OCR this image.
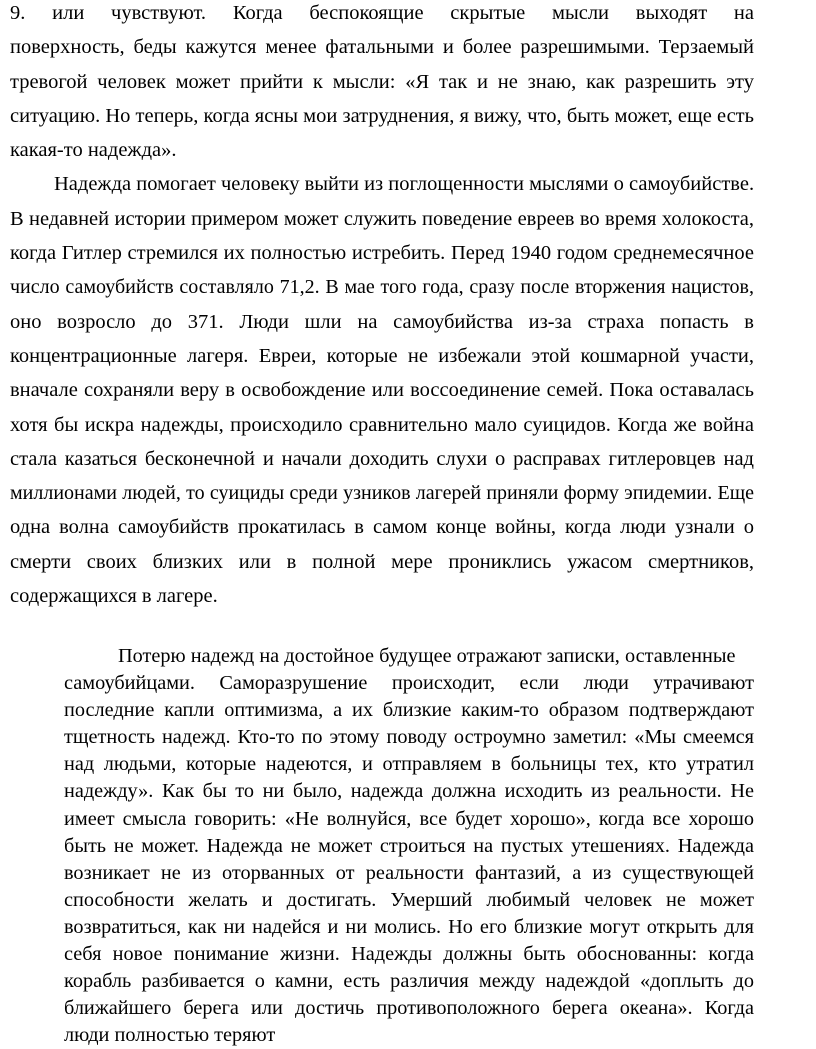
9. или чувствуют. Когда беспокоящие скрытые мысли выходят на
поверхность, беды кажутся менее фатальными и более разрешимыми. Терзаемый
тревогой человек может прийти к мысли: «Я так и не знаю, как разрешить эту
ситуацию. Но теперь, когда ясны мои затруднения, я вижу, что, быть может, еще есть
какая-то надежда».
Надежда помогает человеку выйти из поглощенности мыслями о самоубийстве.
В недавней истории примером может служить поведение евреев во время холокоста,
когда Гитлер стремился их полностью истребить. Перед 1940 годом среднемесячное
число самоубийств составляло 71,2. В мае того года, сразу после вторжения нацистов,
оно возросло до 371. Люди шли на самоубийства из-за страха попасть в
концентрационные лагеря. Евреи, которые не избежали этой кошмарной участи,
вначале сохраняли веру в освобождение или воссоединение семей. Пока оставалась
хотя бы искра надежды, происходило сравнительно мало суицидов. Когда же война
стала казаться бесконечной и начали доходить слухи о расправах гитлеровцев над
миллионами людей, то суициды среди узников лагерей приняли форму эпидемии. Еще
одна волна самоубийств прокатилась в самом конце войны, когда люди узнали о
смерти своих близких или в полной мере прониклись ужасом смертников,
содержащихся в лагере.
Потерю надежд на достойное будущее отражают записки, оставленные
самоубийцами. Саморазрушение происходит, если люди утрачивают
последние капли оптимизма, а их близкие каким-то образом подтверждают
тщетность надежд. Кто-то по этому поводу остроумно заметил: «Мы смеемся
над людьми, которые надеются, и отправляем в больницы тех, кто утратил
надежду». Как бы то ни было, надежда должна исходить из реальности. Не
имеет смысла говорить: «Не волнуйся, все будет хорошо», когда все хорошо
быть не может. Надежда не может строиться на пустых утешениях. Надежда
возникает не из оторванных от реальности фантазий, а из существующей
способности желать и достигать. Умерший любимый человек не может
возвратиться, как ни надейся и ни молись. Но его близкие могут открыть для
себя новое понимание жизни. Надежды должны быть обоснованны: когда
корабль разбивается о камни, есть различия между надеждой «доплыть до
ближайшего берега или достичь противоположного берега океана». Когда
люди полностью теряют
